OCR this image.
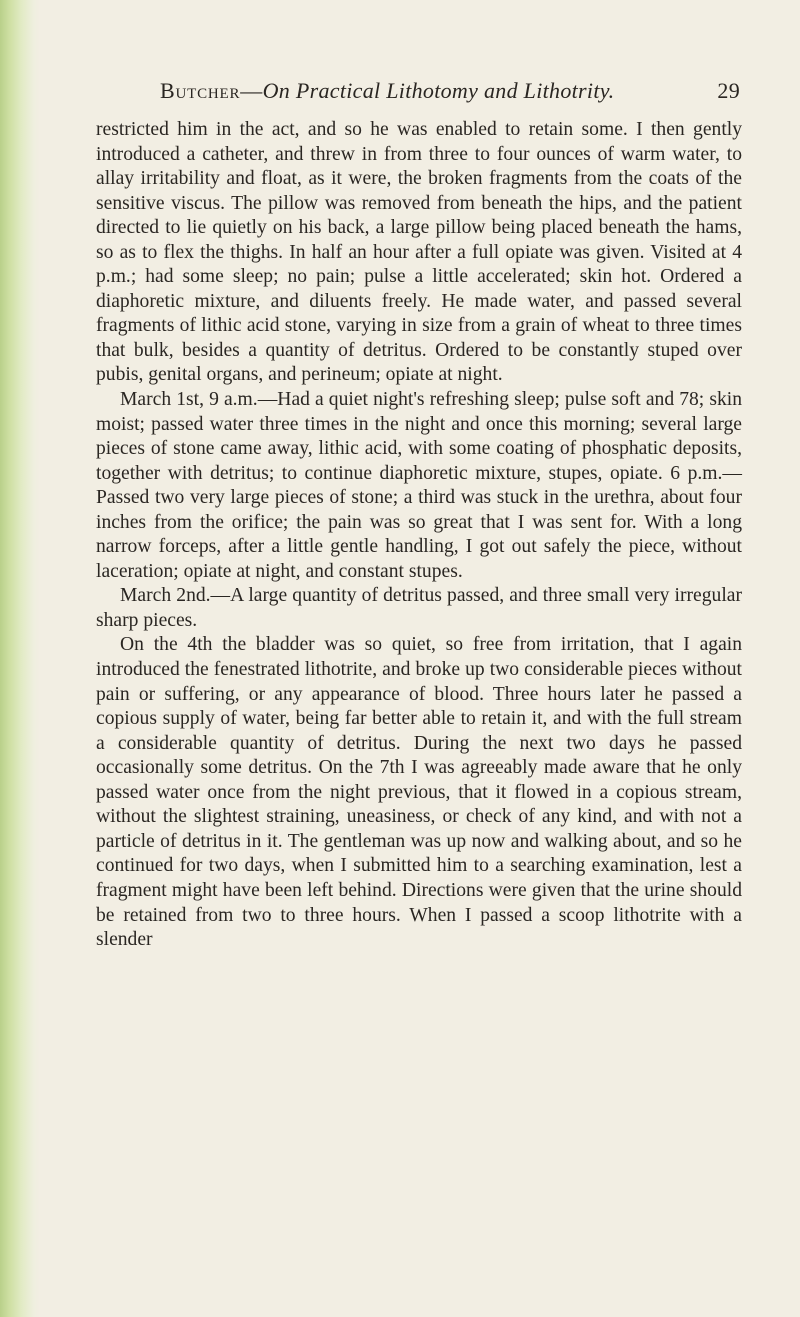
Butcher—On Practical Lithotomy and Lithotrity.	29

restricted him in the act, and so he was enabled to retain some. I then gently introduced a catheter, and threw in from three to four ounces of warm water, to allay irritability and float, as it were, the broken fragments from the coats of the sensitive viscus. The pillow was removed from beneath the hips, and the patient directed to lie quietly on his back, a large pillow being placed beneath the hams, so as to flex the thighs. In half an hour after a full opiate was given. Visited at 4 p.m.; had some sleep; no pain; pulse a little accelerated; skin hot. Ordered a diaphoretic mixture, and diluents freely. He made water, and passed several fragments of lithic acid stone, varying in size from a grain of wheat to three times that bulk, besides a quantity of detritus. Ordered to be constantly stuped over pubis, genital organs, and perineum; opiate at night.

March 1st, 9 a.m.—Had a quiet night's refreshing sleep; pulse soft and 78; skin moist; passed water three times in the night and once this morning; several large pieces of stone came away, lithic acid, with some coating of phosphatic deposits, together with detritus; to continue diaphoretic mixture, stupes, opiate. 6 p.m.—Passed two very large pieces of stone; a third was stuck in the urethra, about four inches from the orifice; the pain was so great that I was sent for. With a long narrow forceps, after a little gentle handling, I got out safely the piece, without laceration; opiate at night, and constant stupes.

March 2nd.—A large quantity of detritus passed, and three small very irregular sharp pieces.

On the 4th the bladder was so quiet, so free from irritation, that I again introduced the fenestrated lithotrite, and broke up two considerable pieces without pain or suffering, or any appearance of blood. Three hours later he passed a copious supply of water, being far better able to retain it, and with the full stream a considerable quantity of detritus. During the next two days he passed occasionally some detritus. On the 7th I was agreeably made aware that he only passed water once from the night previous, that it flowed in a copious stream, without the slightest straining, uneasiness, or check of any kind, and with not a particle of detritus in it. The gentleman was up now and walking about, and so he continued for two days, when I submitted him to a searching examination, lest a fragment might have been left behind. Directions were given that the urine should be retained from two to three hours. When I passed a scoop lithotrite with a slender
